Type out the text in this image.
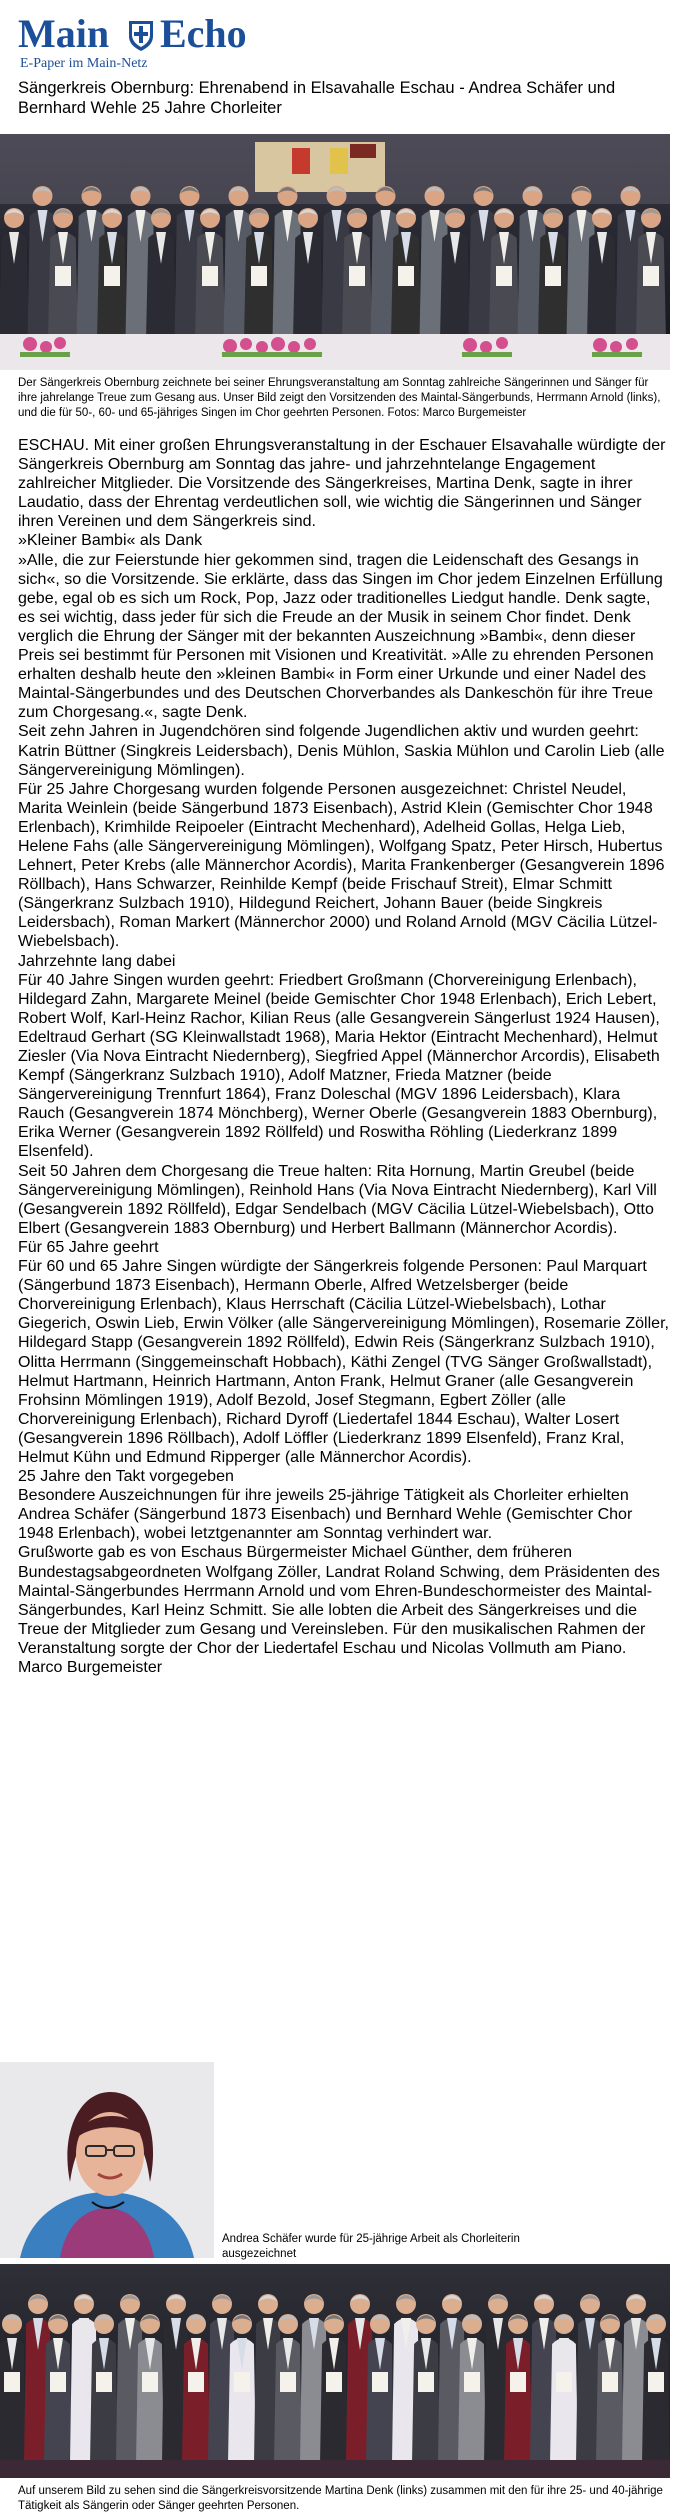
Main Echo
E-Paper im Main-Netz
Sängerkreis Obernburg: Ehrenabend in Elsavahalle Eschau - Andrea Schäfer und Bernhard Wehle 25 Jahre Chorleiter

Der Sängerkreis Obernburg zeichnete bei seiner Ehrungsveranstaltung am Sonntag zahlreiche Sängerinnen und Sänger für ihre jahrelange Treue zum Gesang aus. Unser Bild zeigt den Vorsitzenden des Maintal-Sängerbunds, Herrmann Arnold (links), und die für 50-, 60- und 65-jähriges Singen im Chor geehrten Personen. Fotos: Marco Burgemeister

ESCHAU. Mit einer großen Ehrungsveranstaltung in der Eschauer Elsavahalle würdigte der Sängerkreis Obernburg am Sonntag das jahre- und jahrzehntelange Engagement zahlreicher Mitglieder. Die Vorsitzende des Sängerkreises, Martina Denk, sagte in ihrer Laudatio, dass der Ehrentag verdeutlichen soll, wie wichtig die Sängerinnen und Sänger ihren Vereinen und dem Sängerkreis sind.

»Kleiner Bambi« als Dank

»Alle, die zur Feierstunde hier gekommen sind, tragen die Leidenschaft des Gesangs in sich«, so die Vorsitzende. Sie erklärte, dass das Singen im Chor jedem Einzelnen Erfüllung gebe, egal ob es sich um Rock, Pop, Jazz oder traditionelles Liedgut handle. Denk sagte, es sei wichtig, dass jeder für sich die Freude an der Musik in seinem Chor findet. Denk verglich die Ehrung der Sänger mit der bekannten Auszeichnung »Bambi«, denn dieser Preis sei bestimmt für Personen mit Visionen und Kreativität. »Alle zu ehrenden Personen erhalten deshalb heute den »kleinen Bambi« in Form einer Urkunde und einer Nadel des Maintal-Sängerbundes und des Deutschen Chorverbandes als Dankeschön für ihre Treue zum Chorgesang.«, sagte Denk.

Seit zehn Jahren in Jugendchören sind folgende Jugendlichen aktiv und wurden geehrt: Katrin Büttner (Singkreis Leidersbach), Denis Mühlon, Saskia Mühlon und Carolin Lieb (alle Sängervereinigung Mömlingen).

Für 25 Jahre Chorgesang wurden folgende Personen ausgezeichnet: Christel Neudel, Marita Weinlein (beide Sängerbund 1873 Eisenbach), Astrid Klein (Gemischter Chor 1948 Erlenbach), Krimhilde Reipoeler (Eintracht Mechenhard), Adelheid Gollas, Helga Lieb, Helene Fahs (alle Sängervereinigung Mömlingen), Wolfgang Spatz, Peter Hirsch, Hubertus Lehnert, Peter Krebs (alle Männerchor Acordis), Marita Frankenberger (Gesangverein 1896 Röllbach), Hans Schwarzer, Reinhilde Kempf (beide Frischauf Streit), Elmar Schmitt (Sängerkranz Sulzbach 1910), Hildegund Reichert, Johann Bauer (beide Singkreis Leidersbach), Roman Markert (Männerchor 2000) und Roland Arnold (MGV Cäcilia Lützel-Wiebelsbach).

Jahrzehnte lang dabei

Für 40 Jahre Singen wurden geehrt: Friedbert Großmann (Chorvereinigung Erlenbach), Hildegard Zahn, Margarete Meinel (beide Gemischter Chor 1948 Erlenbach), Erich Lebert, Robert Wolf, Karl-Heinz Rachor, Kilian Reus (alle Gesangverein Sängerlust 1924 Hausen), Edeltraud Gerhart (SG Kleinwallstadt 1968), Maria Hektor (Eintracht Mechenhard), Helmut Ziesler (Via Nova Eintracht Niedernberg), Siegfried Appel (Männerchor Arcordis), Elisabeth Kempf (Sängerkranz Sulzbach 1910), Adolf Matzner, Frieda Matzner (beide Sängervereinigung Trennfurt 1864), Franz Doleschal (MGV 1896 Leidersbach), Klara Rauch (Gesangverein 1874 Mönchberg), Werner Oberle (Gesangverein 1883 Obernburg), Erika Werner (Gesangverein 1892 Röllfeld) und Roswitha Röhling (Liederkranz 1899 Elsenfeld).

Seit 50 Jahren dem Chorgesang die Treue halten: Rita Hornung, Martin Greubel (beide Sängervereinigung Mömlingen), Reinhold Hans (Via Nova Eintracht Niedernberg), Karl Vill (Gesangverein 1892 Röllfeld), Edgar Sendelbach (MGV Cäcilia Lützel-Wiebelsbach), Otto Elbert (Gesangverein 1883 Obernburg) und Herbert Ballmann (Männerchor Acordis).

Für 65 Jahre geehrt

Für 60 und 65 Jahre Singen würdigte der Sängerkreis folgende Personen: Paul Marquart (Sängerbund 1873 Eisenbach), Hermann Oberle, Alfred Wetzelsberger (beide Chorvereinigung Erlenbach), Klaus Herrschaft (Cäcilia Lützel-Wiebelsbach), Lothar Giegerich, Oswin Lieb, Erwin Völker (alle Sängervereinigung Mömlingen), Rosemarie Zöller, Hildegard Stapp (Gesangverein 1892 Röllfeld), Edwin Reis (Sängerkranz Sulzbach 1910), Olitta Herrmann (Singgemeinschaft Hobbach), Käthi Zengel (TVG Sänger Großwallstadt), Helmut Hartmann, Heinrich Hartmann, Anton Frank, Helmut Graner (alle Gesangverein Frohsinn Mömlingen 1919), Adolf Bezold, Josef Stegmann, Egbert Zöller (alle Chorvereinigung Erlenbach), Richard Dyroff (Liedertafel 1844 Eschau), Walter Losert (Gesangverein 1896 Röllbach), Adolf Löffler (Liederkranz 1899 Elsenfeld), Franz Kral, Helmut Kühn und Edmund Ripperger (alle Männerchor Acordis).

25 Jahre den Takt vorgegeben

Besondere Auszeichnungen für ihre jeweils 25-jährige Tätigkeit als Chorleiter erhielten Andrea Schäfer (Sängerbund 1873 Eisenbach) und Bernhard Wehle (Gemischter Chor 1948 Erlenbach), wobei letztgenannter am Sonntag verhindert war.

Grußworte gab es von Eschaus Bürgermeister Michael Günther, dem früheren Bundestagsabgeordneten Wolfgang Zöller, Landrat Roland Schwing, dem Präsidenten des Maintal-Sängerbundes Herrmann Arnold und vom Ehren-Bundeschormeister des Maintal-Sängerbundes, Karl Heinz Schmitt. Sie alle lobten die Arbeit des Sängerkreises und die Treue der Mitglieder zum Gesang und Vereinsleben. Für den musikalischen Rahmen der Veranstaltung sorgte der Chor der Liedertafel Eschau und Nicolas Vollmuth am Piano.

Marco Burgemeister

Andrea Schäfer wurde für 25-jährige Arbeit als Chorleiterin ausgezeichnet

Auf unserem Bild zu sehen sind die Sängerkreisvorsitzende Martina Denk (links) zusammen mit den für ihre 25- und 40-jährige Tätigkeit als Sängerin oder Sänger geehrten Personen.
